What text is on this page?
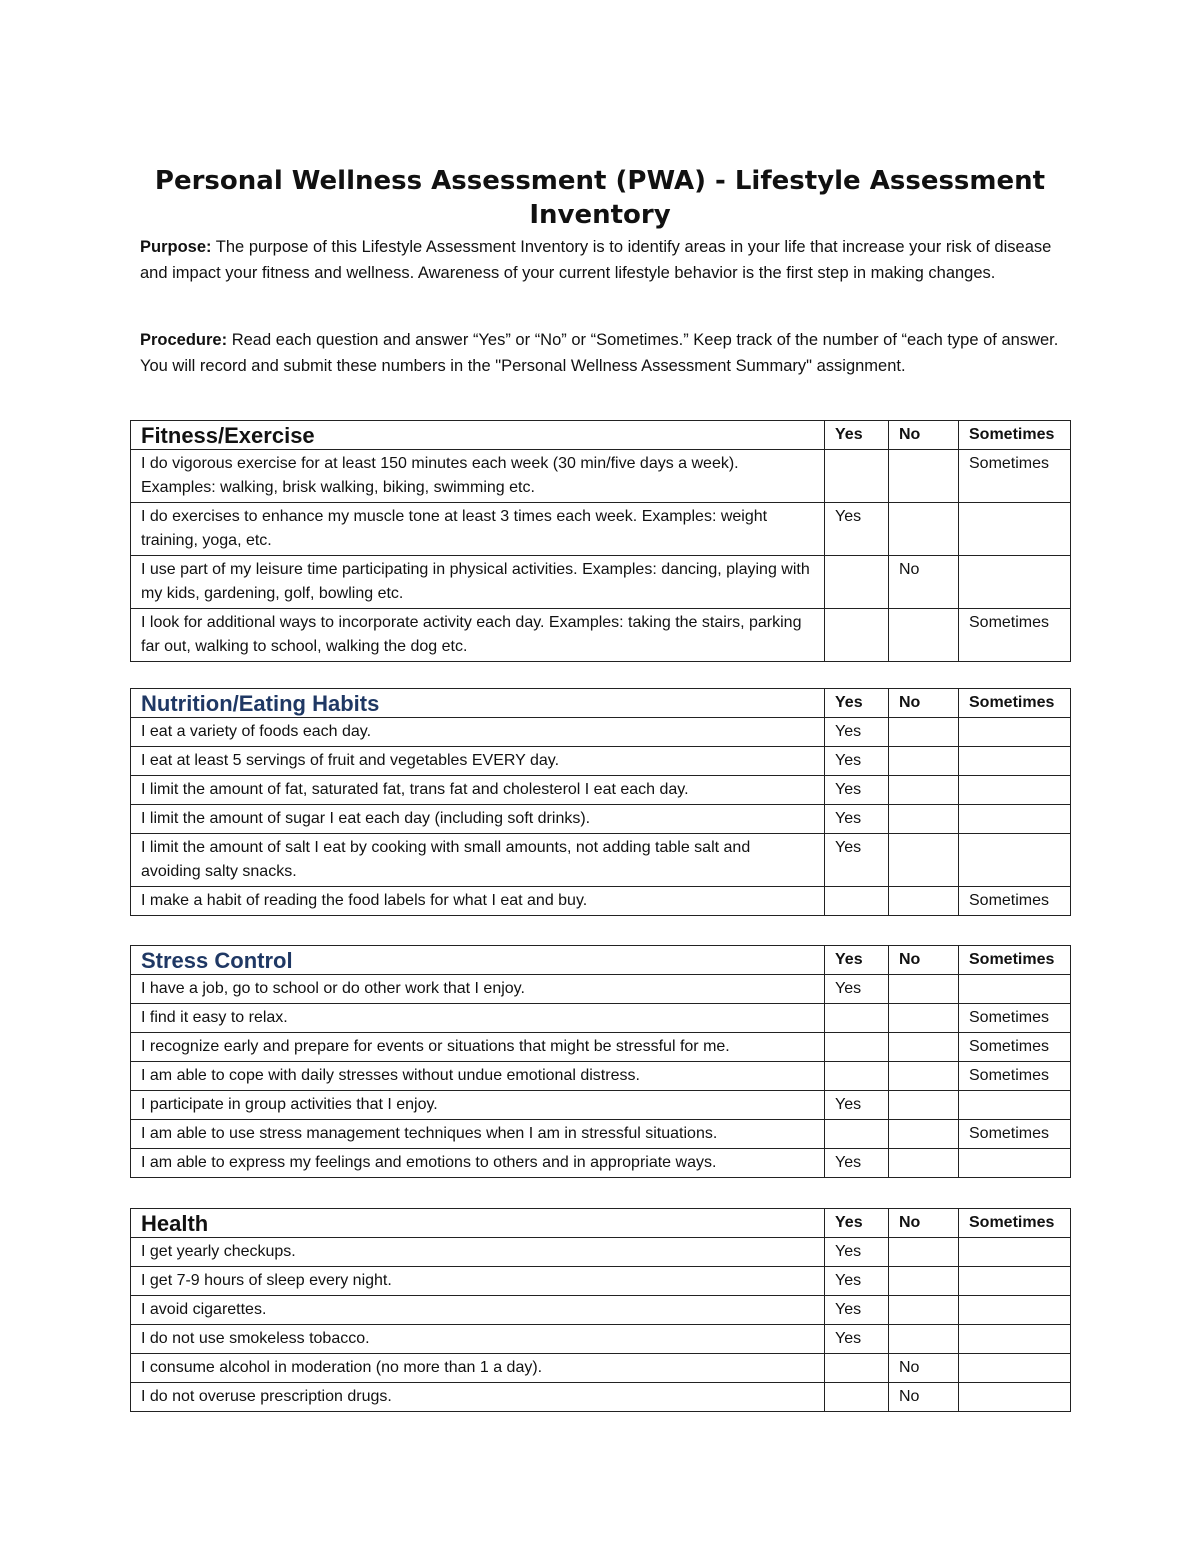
Personal Wellness Assessment (PWA) - Lifestyle Assessment Inventory
Purpose: The purpose of this Lifestyle Assessment Inventory is to identify areas in your life that increase your risk of disease and impact your fitness and wellness. Awareness of your current lifestyle behavior is the first step in making changes.
Procedure: Read each question and answer “Yes” or “No” or “Sometimes.” Keep track of the number of “each type of answer. You will record and submit these numbers in the "Personal Wellness Assessment Summary" assignment.
Fitness/Exercise	Yes	No	Sometimes
I do vigorous exercise for at least 150 minutes each week (30 min/five days a week). Examples: walking, brisk walking, biking, swimming etc.			Sometimes
I do exercises to enhance my muscle tone at least 3 times each week. Examples: weight training, yoga, etc.	Yes		
I use part of my leisure time participating in physical activities. Examples: dancing, playing with my kids, gardening, golf, bowling etc.		No	
I look for additional ways to incorporate activity each day. Examples: taking the stairs, parking far out, walking to school, walking the dog etc.			Sometimes
Nutrition/Eating Habits	Yes	No	Sometimes
I eat a variety of foods each day.	Yes		
I eat at least 5 servings of fruit and vegetables EVERY day.	Yes		
I limit the amount of fat, saturated fat, trans fat and cholesterol I eat each day.	Yes		
I limit the amount of sugar I eat each day (including soft drinks).	Yes		
I limit the amount of salt I eat by cooking with small amounts, not adding table salt and avoiding salty snacks.	Yes		
I make a habit of reading the food labels for what I eat and buy.			Sometimes
Stress Control	Yes	No	Sometimes
I have a job, go to school or do other work that I enjoy.	Yes		
I find it easy to relax.			Sometimes
I recognize early and prepare for events or situations that might be stressful for me.			Sometimes
I am able to cope with daily stresses without undue emotional distress.			Sometimes
I participate in group activities that I enjoy.	Yes		
I am able to use stress management techniques when I am in stressful situations.			Sometimes
I am able to express my feelings and emotions to others and in appropriate ways.	Yes		
Health	Yes	No	Sometimes
I get yearly checkups.	Yes		
I get 7-9 hours of sleep every night.	Yes		
I avoid cigarettes.	Yes		
I do not use smokeless tobacco.	Yes		
I consume alcohol in moderation (no more than 1 a day).		No	
I do not overuse prescription drugs.		No	
